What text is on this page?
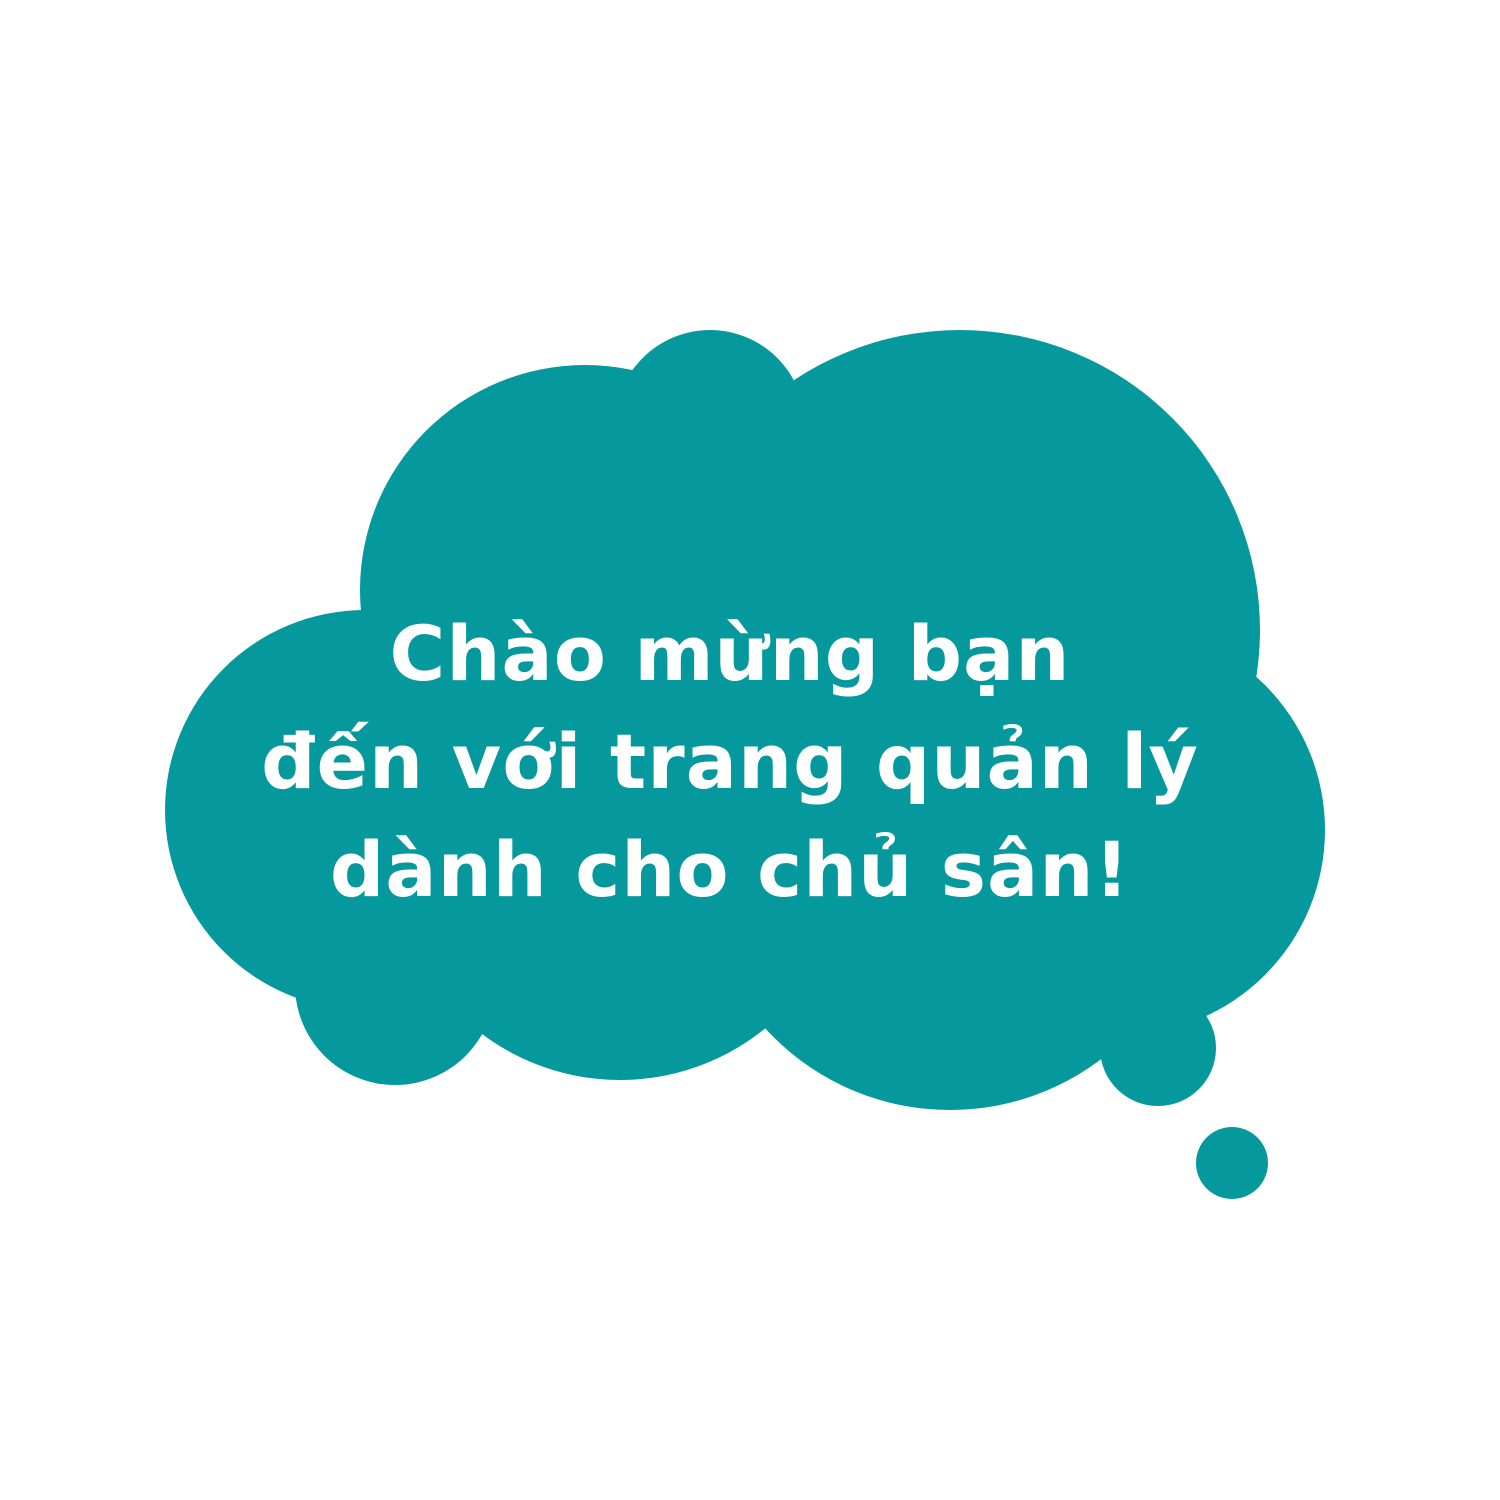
Chào mừng bạn
đến với trang quản lý
dành cho chủ sân!
